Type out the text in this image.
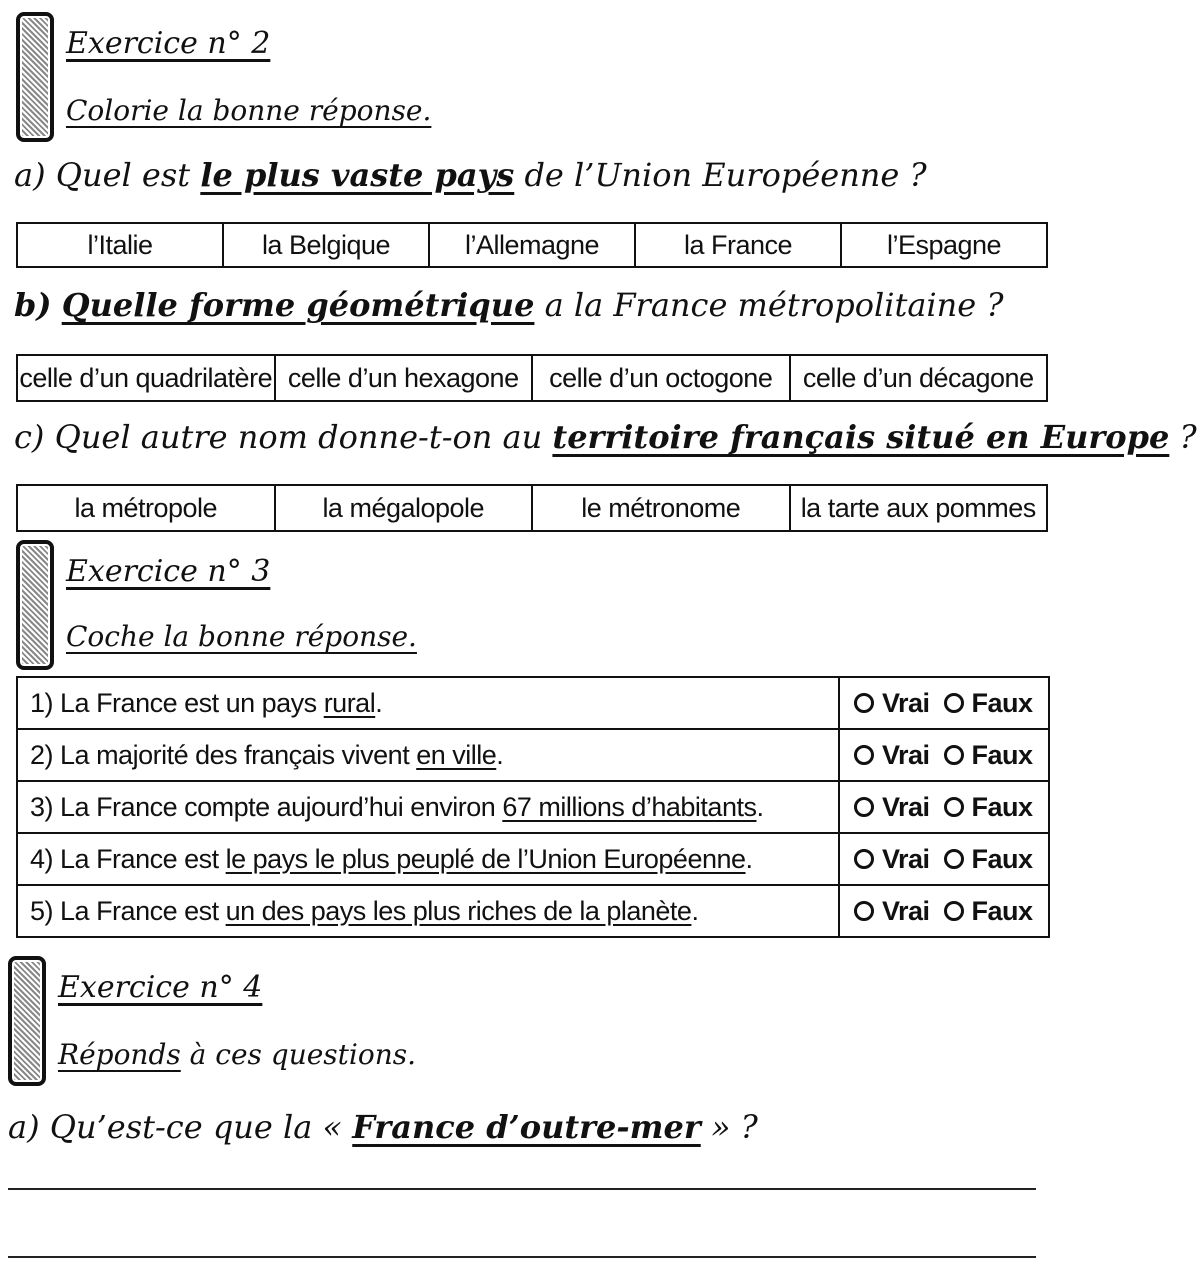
Exercice n° 2
Colorie la bonne réponse.
a) Quel est le plus vaste pays de l’Union Européenne ?
l’Italie	la Belgique	l’Allemagne	la France	l’Espagne
b) Quelle forme géométrique a la France métropolitaine ?
celle d’un quadrilatère	celle d’un hexagone	celle d’un octogone	celle d’un décagone
c) Quel autre nom donne-t-on au territoire français situé en Europe ?
la métropole	la mégalopole	le métronome	la tarte aux pommes
Exercice n° 3
Coche la bonne réponse.
1) La France est un pays rural.	Vrai Faux
2) La majorité des français vivent en ville.	Vrai Faux
3) La France compte aujourd’hui environ 67 millions d’habitants.	Vrai Faux
4) La France est le pays le plus peuplé de l’Union Européenne.	Vrai Faux
5) La France est un des pays les plus riches de la planète.	Vrai Faux
Exercice n° 4
Réponds à ces questions.
a) Qu’est-ce que la « France d’outre-mer » ?
